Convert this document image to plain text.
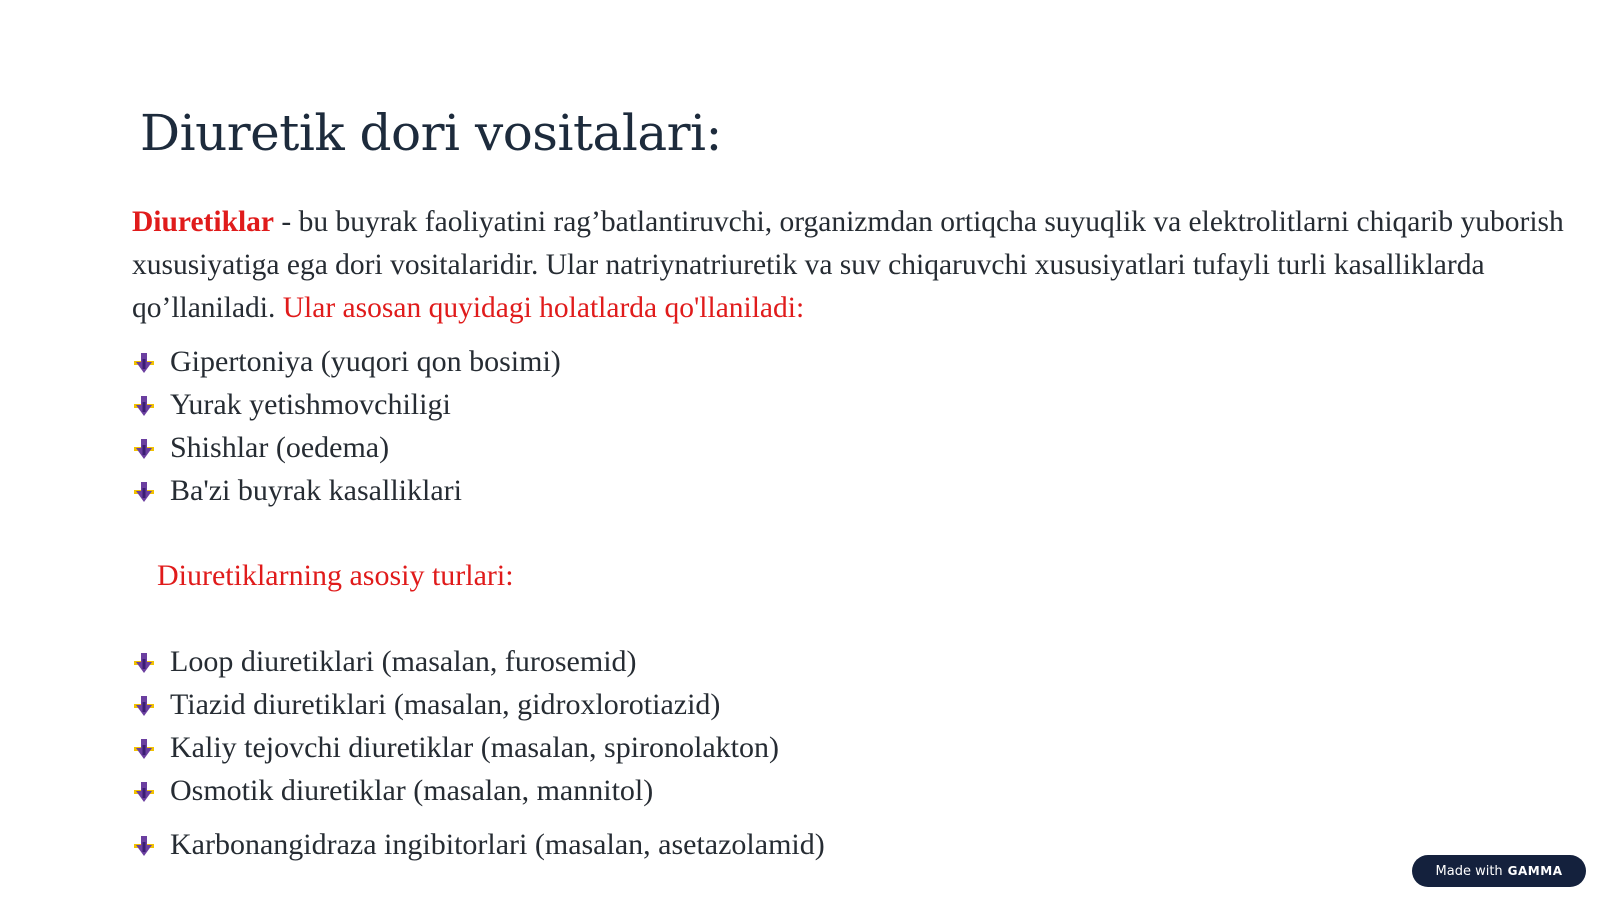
Diuretik dori vositalari:

Diuretiklar - bu buyrak faoliyatini rag’batlantiruvchi, organizmdan ortiqcha suyuqlik va elektrolitlarni chiqarib yuborish xususiyatiga ega dori vositalaridir. Ular natriynatriuretik va suv chiqaruvchi xususiyatlari tufayli turli kasalliklarda qo’llaniladi. Ular asosan quyidagi holatlarda qo'llaniladi:

Gipertoniya (yuqori qon bosimi)
Yurak yetishmovchiligi
Shishlar (oedema)
Ba'zi buyrak kasalliklari
Diuretiklarning asosiy turlari:
Loop diuretiklari (masalan, furosemid)
Tiazid diuretiklari (masalan, gidroxlorotiazid)
Kaliy tejovchi diuretiklar (masalan, spironolakton)
Osmotik diuretiklar (masalan, mannitol)
Karbonangidraza ingibitorlari (masalan, asetazolamid)
Made with GAMMA
